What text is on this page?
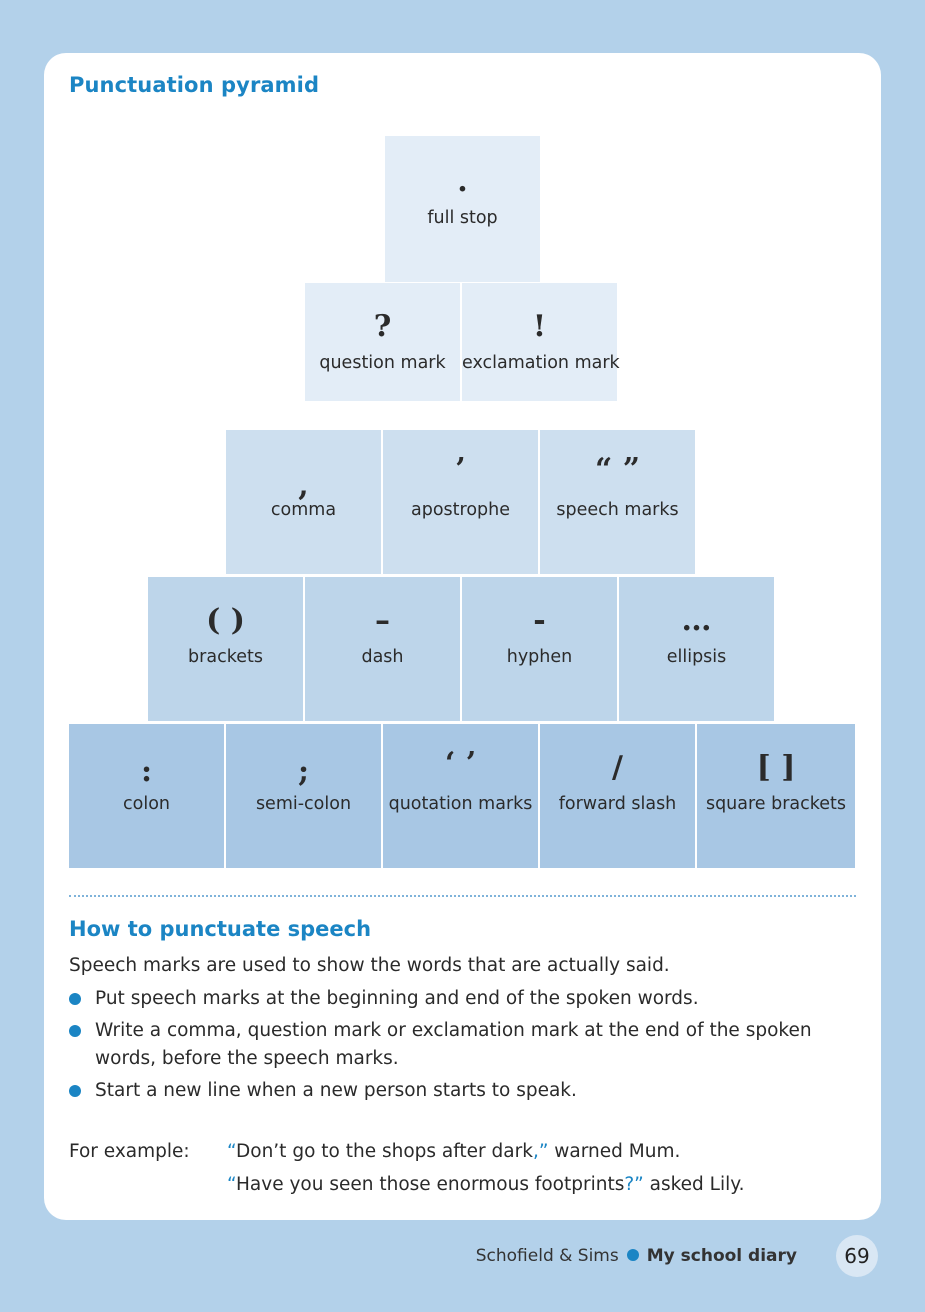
Punctuation pyramid
.
full stop
?
question mark
!
exclamation mark
,
comma
’
apostrophe
“ ”
speech marks
( )
brackets
–
dash
-
hyphen
…
ellipsis
:
colon
;
semi-colon
‘ ’
quotation marks
/
forward slash
[ ]
square brackets
How to punctuate speech
Speech marks are used to show the words that are actually said.
Put speech marks at the beginning and end of the spoken words.
Write a comma, question mark or exclamation mark at the end of the spoken words, before the speech marks.
Start a new line when a new person starts to speak.
For example: “Don’t go to the shops after dark,” warned Mum.
“Have you seen those enormous footprints?” asked Lily.
Schofield & Sims My school diary	69
